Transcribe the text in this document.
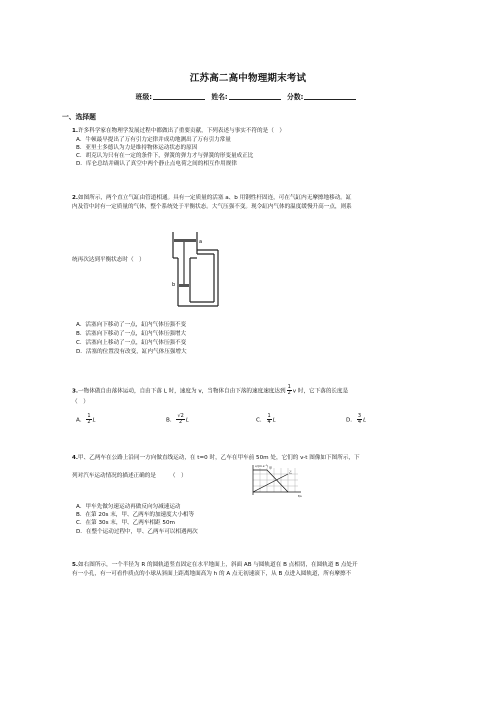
江苏高二高中物理期末考试
班级:	姓名:	分数:
一、选择题
1.许多科学家在物理学发展过程中都做出了重要贡献，下列表述与事实不符的是（　）
A．牛顿最早提出了万有引力定律并成功地测出了万有引力常量
B．亚里士多德认为力是维持物体运动状态的原因
C．胡克认为只有在一定的条件下，弹簧的弹力才与弹簧的形变量成正比
D．库仑总结并确认了真空中两个静止点电荷之间的相互作用规律
2.如图所示，两个直立气缸由管道相通。具有一定质量的活塞 a、b 用钢性杆固连，可在气缸内无摩擦地移动。缸
内及管中封有一定质量的气体，整个系统处于平衡状态。大气压强不变。现令缸内气体的温度缓慢升高一点，则系
a
b
统再次达到平衡状态时（　）
A．活塞向下移动了一点，缸内气体压强不变
B．活塞向下移动了一点，缸内气体压强增大
C．活塞向上移动了一点，缸内气体压强不变
D．活塞的位置没有改变，缸内气体压强增大
3.一物体做自由落体运动，自由下落 L 时，速度为 v，当物体自由下落的速度速度达到 $\frac{1}{2}$ v 时，它下落的长度是
（　）
A． $\frac{1}{2}$ L	B． $\frac{√2}{2}$ L	C． $\frac{1}{4}$ L	D． $\frac{3}{4}$ L
4.甲、乙两车在公路上沿同一方向做直线运动，在 t=0 时，乙车在甲车前 50m 处，它们的 v-t 图像如下图所示，下
列对汽车运动情况的描述正确的是　　　（　）
v/(m·s⁻¹)
t/s
甲
乙
A．甲车先做匀速运动再做反向匀减速运动
B．在第 20s 末，甲、乙两车的加速度大小相等
C．在第 30s 末，甲、乙两车相距 50m
D．在整个运动过程中，甲、乙两车可以相遇两次
5.如右图所示，一个半径为 R 的圆轨道竖直固定在水平地面上，斜面 AB 与圆轨道在 B 点相切，在圆轨道 B 点处开
有一小孔，有一可看作质点的小球从斜面上距离地面高为 h 的 A 点无初速滚下，从 B 点进入圆轨道，所有摩擦不
